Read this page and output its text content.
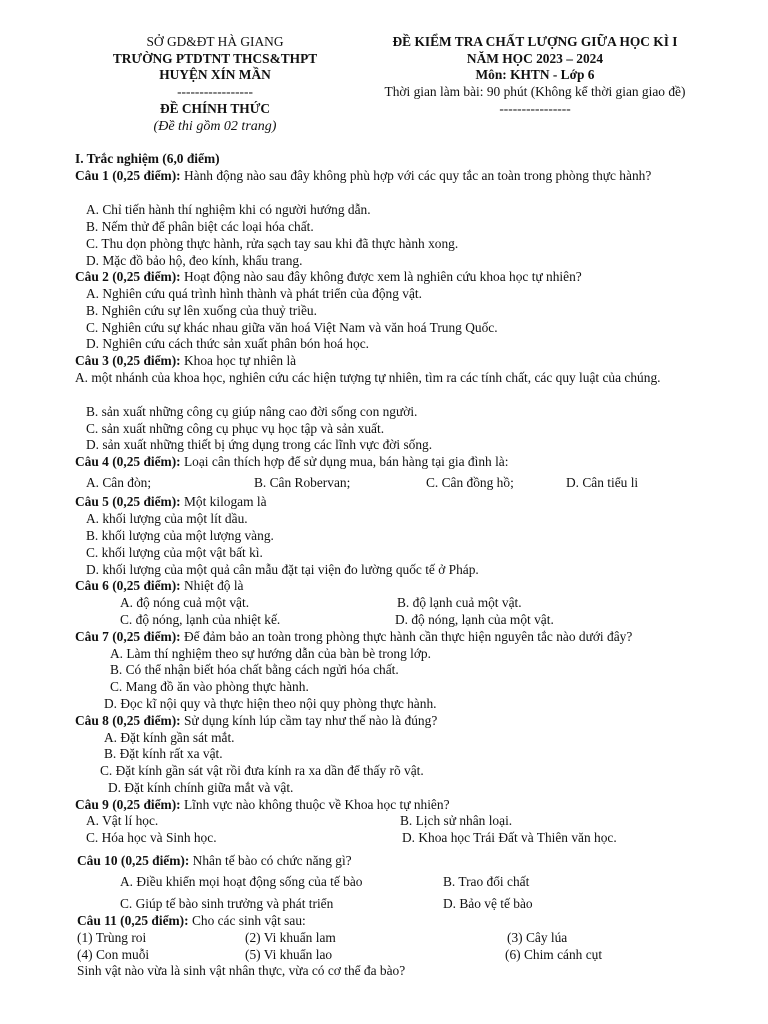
SỞ GD&ĐT HÀ GIANG
TRƯỜNG PTDTNT THCS&THPT
HUYỆN XÍN MẦN
-----------------
ĐỀ CHÍNH THỨC
(Đề thi gồm 02 trang)
ĐỀ KIỂM TRA CHẤT LƯỢNG GIỮA HỌC KÌ I
NĂM HỌC 2023 – 2024
Môn: KHTN - Lớp 6
Thời gian làm bài: 90 phút (Không kể thời gian giao đề)
----------------
I. Trắc nghiệm (6,0 điểm)
Câu 1 (0,25 điểm): Hành động nào sau đây không phù hợp với các quy tắc an toàn trong phòng thực hành?
A. Chỉ tiến hành thí nghiệm khi có người hướng dẫn.
B. Nếm thử để phân biệt các loại hóa chất.
C. Thu dọn phòng thực hành, rửa sạch tay sau khi đã thực hành xong.
D. Mặc đồ bảo hộ, đeo kính, khẩu trang.
Câu 2 (0,25 điểm): Hoạt động nào sau đây không được xem là nghiên cứu khoa học tự nhiên?
A. Nghiên cứu quá trình hình thành và phát triển của động vật.
B. Nghiên cứu sự lên xuống của thuỷ triều.
C. Nghiên cứu sự khác nhau giữa văn hoá Việt Nam và văn hoá Trung Quốc.
D. Nghiên cứu cách thức sản xuất phân bón hoá học.
Câu 3 (0,25 điểm): Khoa học tự nhiên là
A. một nhánh của khoa học, nghiên cứu các hiện tượng tự nhiên, tìm ra các tính chất, các quy luật của chúng.
B. sản xuất những công cụ giúp nâng cao đời sống con người.
C. sản xuất những công cụ phục vụ học tập và sản xuất.
D. sản xuất những thiết bị ứng dụng trong các lĩnh vực đời sống.
Câu 4 (0,25 điểm): Loại cân thích hợp để sử dụng mua, bán hàng tại gia đình là:
A. Cân đòn;	B. Cân Robervan;	C. Cân đồng hồ;	D. Cân tiểu li
Câu 5 (0,25 điểm): Một kilogam là
A. khối lượng của một lít dầu.
B. khối lượng của một lượng vàng.
C. khối lượng của một vật bất kì.
D. khối lượng của một quả cân mẫu đặt tại viện đo lường quốc tế ở Pháp.
Câu 6 (0,25 điểm): Nhiệt độ là
A. độ nóng cuả một vật.	B. độ lạnh cuả một vật.
C. độ nóng, lạnh của nhiệt kế.	D. độ nóng, lạnh của một vật.
Câu 7 (0,25 điểm): Để đảm bảo an toàn trong phòng thực hành cần thực hiện nguyên tắc nào dưới đây?
A. Làm thí nghiệm theo sự hướng dẫn của bàn bè trong lớp.
B. Có thể nhận biết hóa chất bằng cách ngửi hóa chất.
C. Mang đồ ăn vào phòng thực hành.
D. Đọc kĩ nội quy và thực hiện theo nội quy phòng thực hành.
Câu 8 (0,25 điểm): Sử dụng kính lúp cầm tay như thế nào là đúng?
A. Đặt kính gần sát mắt.
B. Đặt kính rất xa vật.
C. Đặt kính gần sát vật rồi đưa kính ra xa dần để thấy rõ vật.
D. Đặt kính chính giữa mắt và vật.
Câu 9 (0,25 điểm): Lĩnh vực nào không thuộc về Khoa học tự nhiên?
A. Vật lí học.	B. Lịch sử nhân loại.
C. Hóa học và Sinh học.	D. Khoa học Trái Đất và Thiên văn học.
Câu 10 (0,25 điểm): Nhân tế bào có chức năng gì?
A. Điều khiển mọi hoạt động sống của tế bào	B. Trao đổi chất
C. Giúp tế bào sinh trưởng và phát triển	D. Bảo vệ tế bào
Câu 11 (0,25 điểm): Cho các sinh vật sau:
(1) Trùng roi	(2) Vi khuẩn lam	(3) Cây lúa
(4) Con muỗi	(5) Vi khuẩn lao	(6) Chim cánh cụt
Sinh vật nào vừa là sinh vật nhân thực, vừa có cơ thể đa bào?
